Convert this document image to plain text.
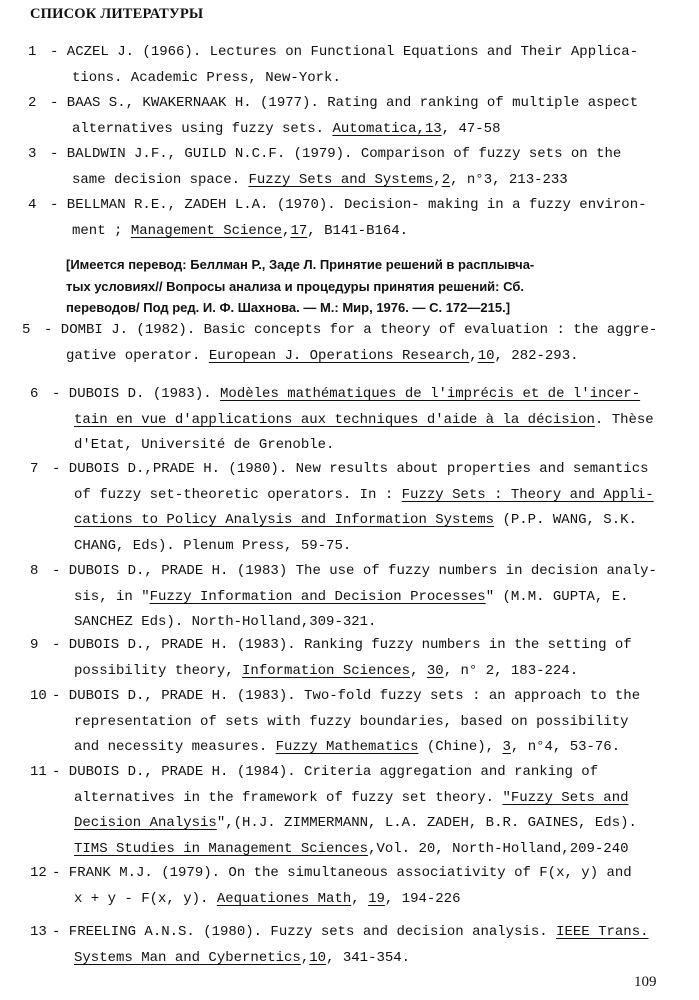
СПИСОК ЛИТЕРАТУРЫ
1 - ACZEL J. (1966). Lectures on Functional Equations and Their Applica-
tions. Academic Press, New-York.
2 - BAAS S., KWAKERNAAK H. (1977). Rating and ranking of multiple aspect
alternatives using fuzzy sets. Automatica,13, 47-58
3 - BALDWIN J.F., GUILD N.C.F. (1979). Comparison of fuzzy sets on the
same decision space. Fuzzy Sets and Systems,2, n°3, 213-233
4 - BELLMAN R.E., ZADEH L.A. (1970). Decision- making in a fuzzy environ-
ment ; Management Science,17, B141-B164.
5 - DOMBI J. (1982). Basic concepts for a theory of evaluation : the aggre-
gative operator. European J. Operations Research,10, 282-293.
6 - DUBOIS D. (1983). Modèles mathématiques de l'imprécis et de l'incer-
tain en vue d'applications aux techniques d'aide à la décision. Thèse
d'Etat, Université de Grenoble.
7 - DUBOIS D.,PRADE H. (1980). New results about properties and semantics
of fuzzy set-theoretic operators. In : Fuzzy Sets : Theory and Appli-
cations to Policy Analysis and Information Systems (P.P. WANG, S.K.
CHANG, Eds). Plenum Press, 59-75.
8 - DUBOIS D., PRADE H. (1983) The use of fuzzy numbers in decision analy-
sis, in "Fuzzy Information and Decision Processes" (M.M. GUPTA, E.
SANCHEZ Eds). North-Holland,309-321.
9 - DUBOIS D., PRADE H. (1983). Ranking fuzzy numbers in the setting of
possibility theory, Information Sciences, 30, n° 2, 183-224.
10 - DUBOIS D., PRADE H. (1983). Two-fold fuzzy sets : an approach to the
representation of sets with fuzzy boundaries, based on possibility
and necessity measures. Fuzzy Mathematics (Chine), 3, n°4, 53-76.
11 - DUBOIS D., PRADE H. (1984). Criteria aggregation and ranking of
alternatives in the framework of fuzzy set theory. "Fuzzy Sets and
Decision Analysis",(H.J. ZIMMERMANN, L.A. ZADEH, B.R. GAINES, Eds).
TIMS Studies in Management Sciences,Vol. 20, North-Holland,209-240
12 - FRANK M.J. (1979). On the simultaneous associativity of F(x, y) and
x + y - F(x, y). Aequationes Math, 19, 194-226
13 - FREELING A.N.S. (1980). Fuzzy sets and decision analysis. IEEE Trans.
Systems Man and Cybernetics,10, 341-354.
[Имеется перевод: Беллман Р., Заде Л. Принятие решений в расплывча-
тых условиях// Вопросы анализа и процедуры принятия решений: Сб.
переводов/ Под ред. И. Ф. Шахнова. — М.: Мир, 1976. — С. 172—215.]
109
